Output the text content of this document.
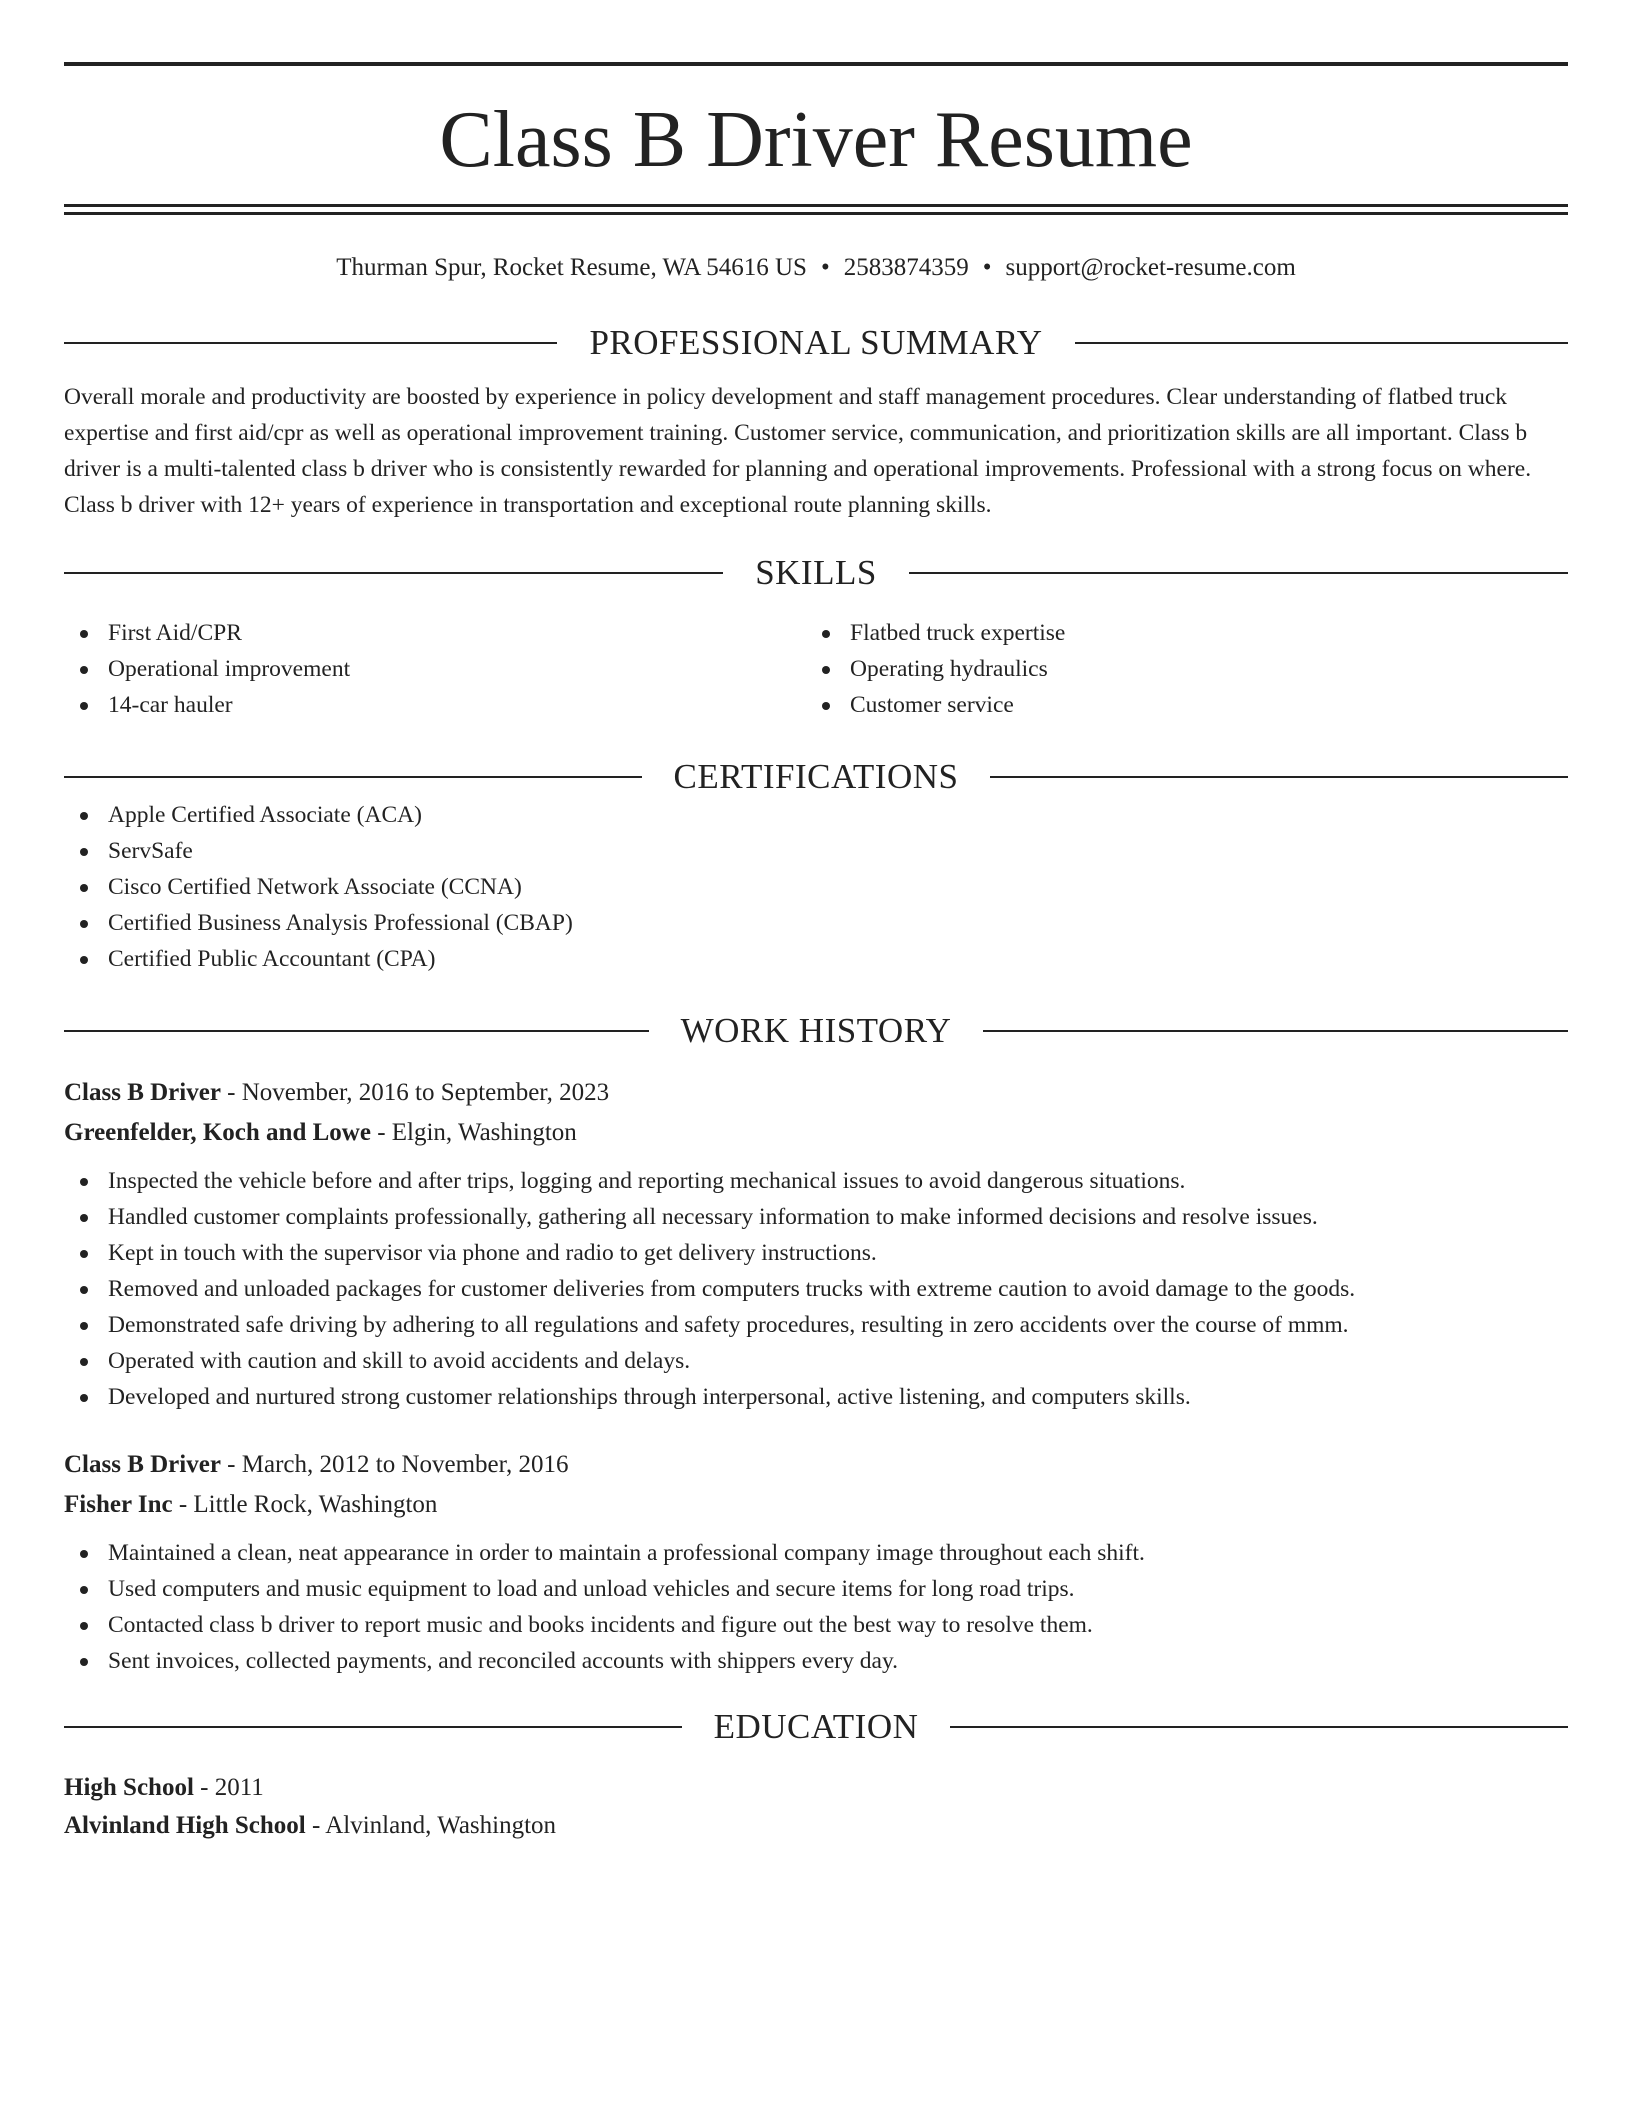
Class B Driver Resume
Thurman Spur, Rocket Resume, WA 54616 US • 2583874359 • support@rocket-resume.com
PROFESSIONAL SUMMARY
Overall morale and productivity are boosted by experience in policy development and staff management procedures. Clear understanding of flatbed truck expertise and first aid/cpr as well as operational improvement training. Customer service, communication, and prioritization skills are all important. Class b driver is a multi-talented class b driver who is consistently rewarded for planning and operational improvements. Professional with a strong focus on where. Class b driver with 12+ years of experience in transportation and exceptional route planning skills.
SKILLS
First Aid/CPR
Operational improvement
14-car hauler
Flatbed truck expertise
Operating hydraulics
Customer service
CERTIFICATIONS
Apple Certified Associate (ACA)
ServSafe
Cisco Certified Network Associate (CCNA)
Certified Business Analysis Professional (CBAP)
Certified Public Accountant (CPA)
WORK HISTORY
Class B Driver - November, 2016 to September, 2023
Greenfelder, Koch and Lowe - Elgin, Washington
Inspected the vehicle before and after trips, logging and reporting mechanical issues to avoid dangerous situations.
Handled customer complaints professionally, gathering all necessary information to make informed decisions and resolve issues.
Kept in touch with the supervisor via phone and radio to get delivery instructions.
Removed and unloaded packages for customer deliveries from computers trucks with extreme caution to avoid damage to the goods.
Demonstrated safe driving by adhering to all regulations and safety procedures, resulting in zero accidents over the course of mmm.
Operated with caution and skill to avoid accidents and delays.
Developed and nurtured strong customer relationships through interpersonal, active listening, and computers skills.
Class B Driver - March, 2012 to November, 2016
Fisher Inc - Little Rock, Washington
Maintained a clean, neat appearance in order to maintain a professional company image throughout each shift.
Used computers and music equipment to load and unload vehicles and secure items for long road trips.
Contacted class b driver to report music and books incidents and figure out the best way to resolve them.
Sent invoices, collected payments, and reconciled accounts with shippers every day.
EDUCATION
High School - 2011
Alvinland High School - Alvinland, Washington
